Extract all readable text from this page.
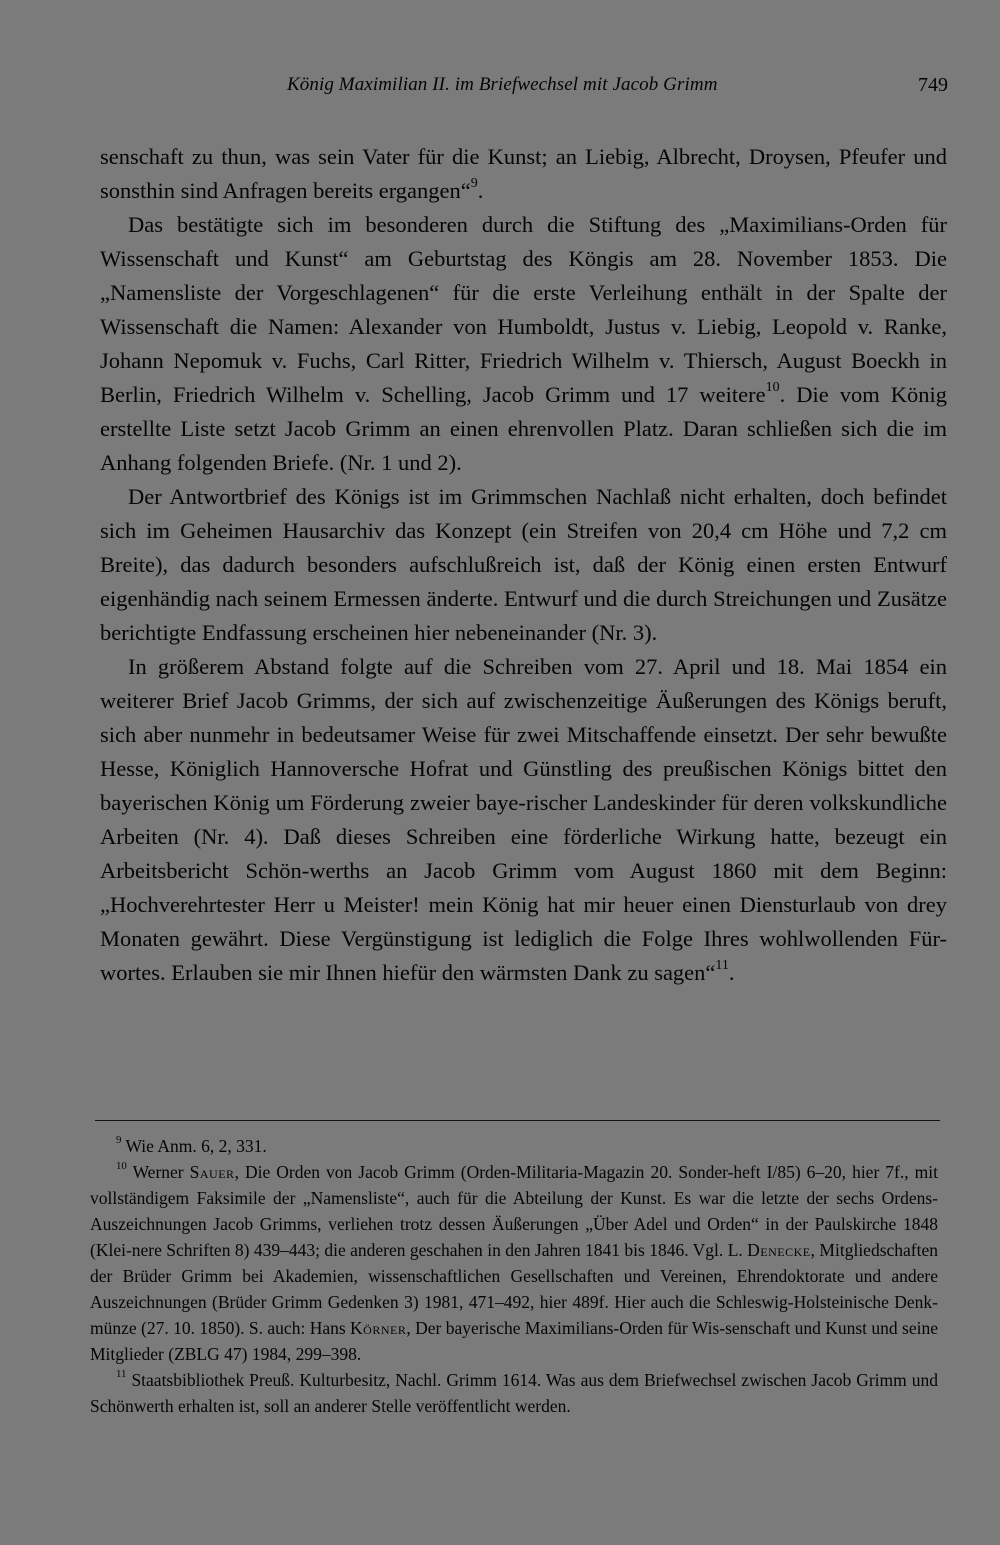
König Maximilian II. im Briefwechsel mit Jacob Grimm	749

senschaft zu thun, was sein Vater für die Kunst; an Liebig, Albrecht, Droysen, Pfeufer und sonsthin sind Anfragen bereits ergangen“$^9$.

Das bestätigte sich im besonderen durch die Stiftung des „Maximilians-Orden für Wissenschaft und Kunst“ am Geburtstag des Köngis am 28. November 1853. Die „Namensliste der Vorgeschlagenen“ für die erste Verleihung enthält in der Spalte der Wissenschaft die Namen: Alexander von Humboldt, Justus v. Liebig, Leopold v. Ranke, Johann Nepomuk v. Fuchs, Carl Ritter, Friedrich Wilhelm v. Thiersch, August Boeckh in Berlin, Friedrich Wilhelm v. Schelling, Jacob Grimm und 17 weitere$^{10}$. Die vom König erstellte Liste setzt Jacob Grimm an einen ehrenvollen Platz. Daran schließen sich die im Anhang folgenden Briefe. (Nr. 1 und 2).

Der Antwortbrief des Königs ist im Grimmschen Nachlaß nicht erhalten, doch befindet sich im Geheimen Hausarchiv das Konzept (ein Streifen von 20,4 cm Höhe und 7,2 cm Breite), das dadurch besonders aufschlußreich ist, daß der König einen ersten Entwurf eigenhändig nach seinem Ermessen änderte. Entwurf und die durch Streichungen und Zusätze berichtigte Endfassung erscheinen hier nebeneinander (Nr. 3).

In größerem Abstand folgte auf die Schreiben vom 27. April und 18. Mai 1854 ein weiterer Brief Jacob Grimms, der sich auf zwischenzeitige Äußerungen des Königs beruft, sich aber nunmehr in bedeutsamer Weise für zwei Mitschaffende einsetzt. Der sehr bewußte Hesse, Königlich Hannoversche Hofrat und Günstling des preußischen Königs bittet den bayerischen König um Förderung zweier baye-rischer Landeskinder für deren volkskundliche Arbeiten (Nr. 4). Daß dieses Schreiben eine förderliche Wirkung hatte, bezeugt ein Arbeitsbericht Schön-werths an Jacob Grimm vom August 1860 mit dem Beginn: „Hochverehrtester Herr u Meister! mein König hat mir heuer einen Diensturlaub von drey Monaten gewährt. Diese Vergünstigung ist lediglich die Folge Ihres wohlwollenden Für-wortes. Erlauben sie mir Ihnen hiefür den wärmsten Dank zu sagen“$^{11}$.

$^9$ Wie Anm. 6, 2, 331.

$^{10}$ Werner Sauer, Die Orden von Jacob Grimm (Orden-Militaria-Magazin 20. Sonder-heft I/85) 6–20, hier 7f., mit vollständigem Faksimile der „Namensliste“, auch für die Abteilung der Kunst. Es war die letzte der sechs Ordens-Auszeichnungen Jacob Grimms, verliehen trotz dessen Äußerungen „Über Adel und Orden“ in der Paulskirche 1848 (Klei-nere Schriften 8) 439–443; die anderen geschahen in den Jahren 1841 bis 1846. Vgl. L. Denecke, Mitgliedschaften der Brüder Grimm bei Akademien, wissenschaftlichen Gesellschaften und Vereinen, Ehrendoktorate und andere Auszeichnungen (Brüder Grimm Gedenken 3) 1981, 471–492, hier 489f. Hier auch die Schleswig-Holsteinische Denk-münze (27. 10. 1850). S. auch: Hans Körner, Der bayerische Maximilians-Orden für Wis-senschaft und Kunst und seine Mitglieder (ZBLG 47) 1984, 299–398.

$^{11}$ Staatsbibliothek Preuß. Kulturbesitz, Nachl. Grimm 1614. Was aus dem Briefwechsel zwischen Jacob Grimm und Schönwerth erhalten ist, soll an anderer Stelle veröffentlicht werden.
